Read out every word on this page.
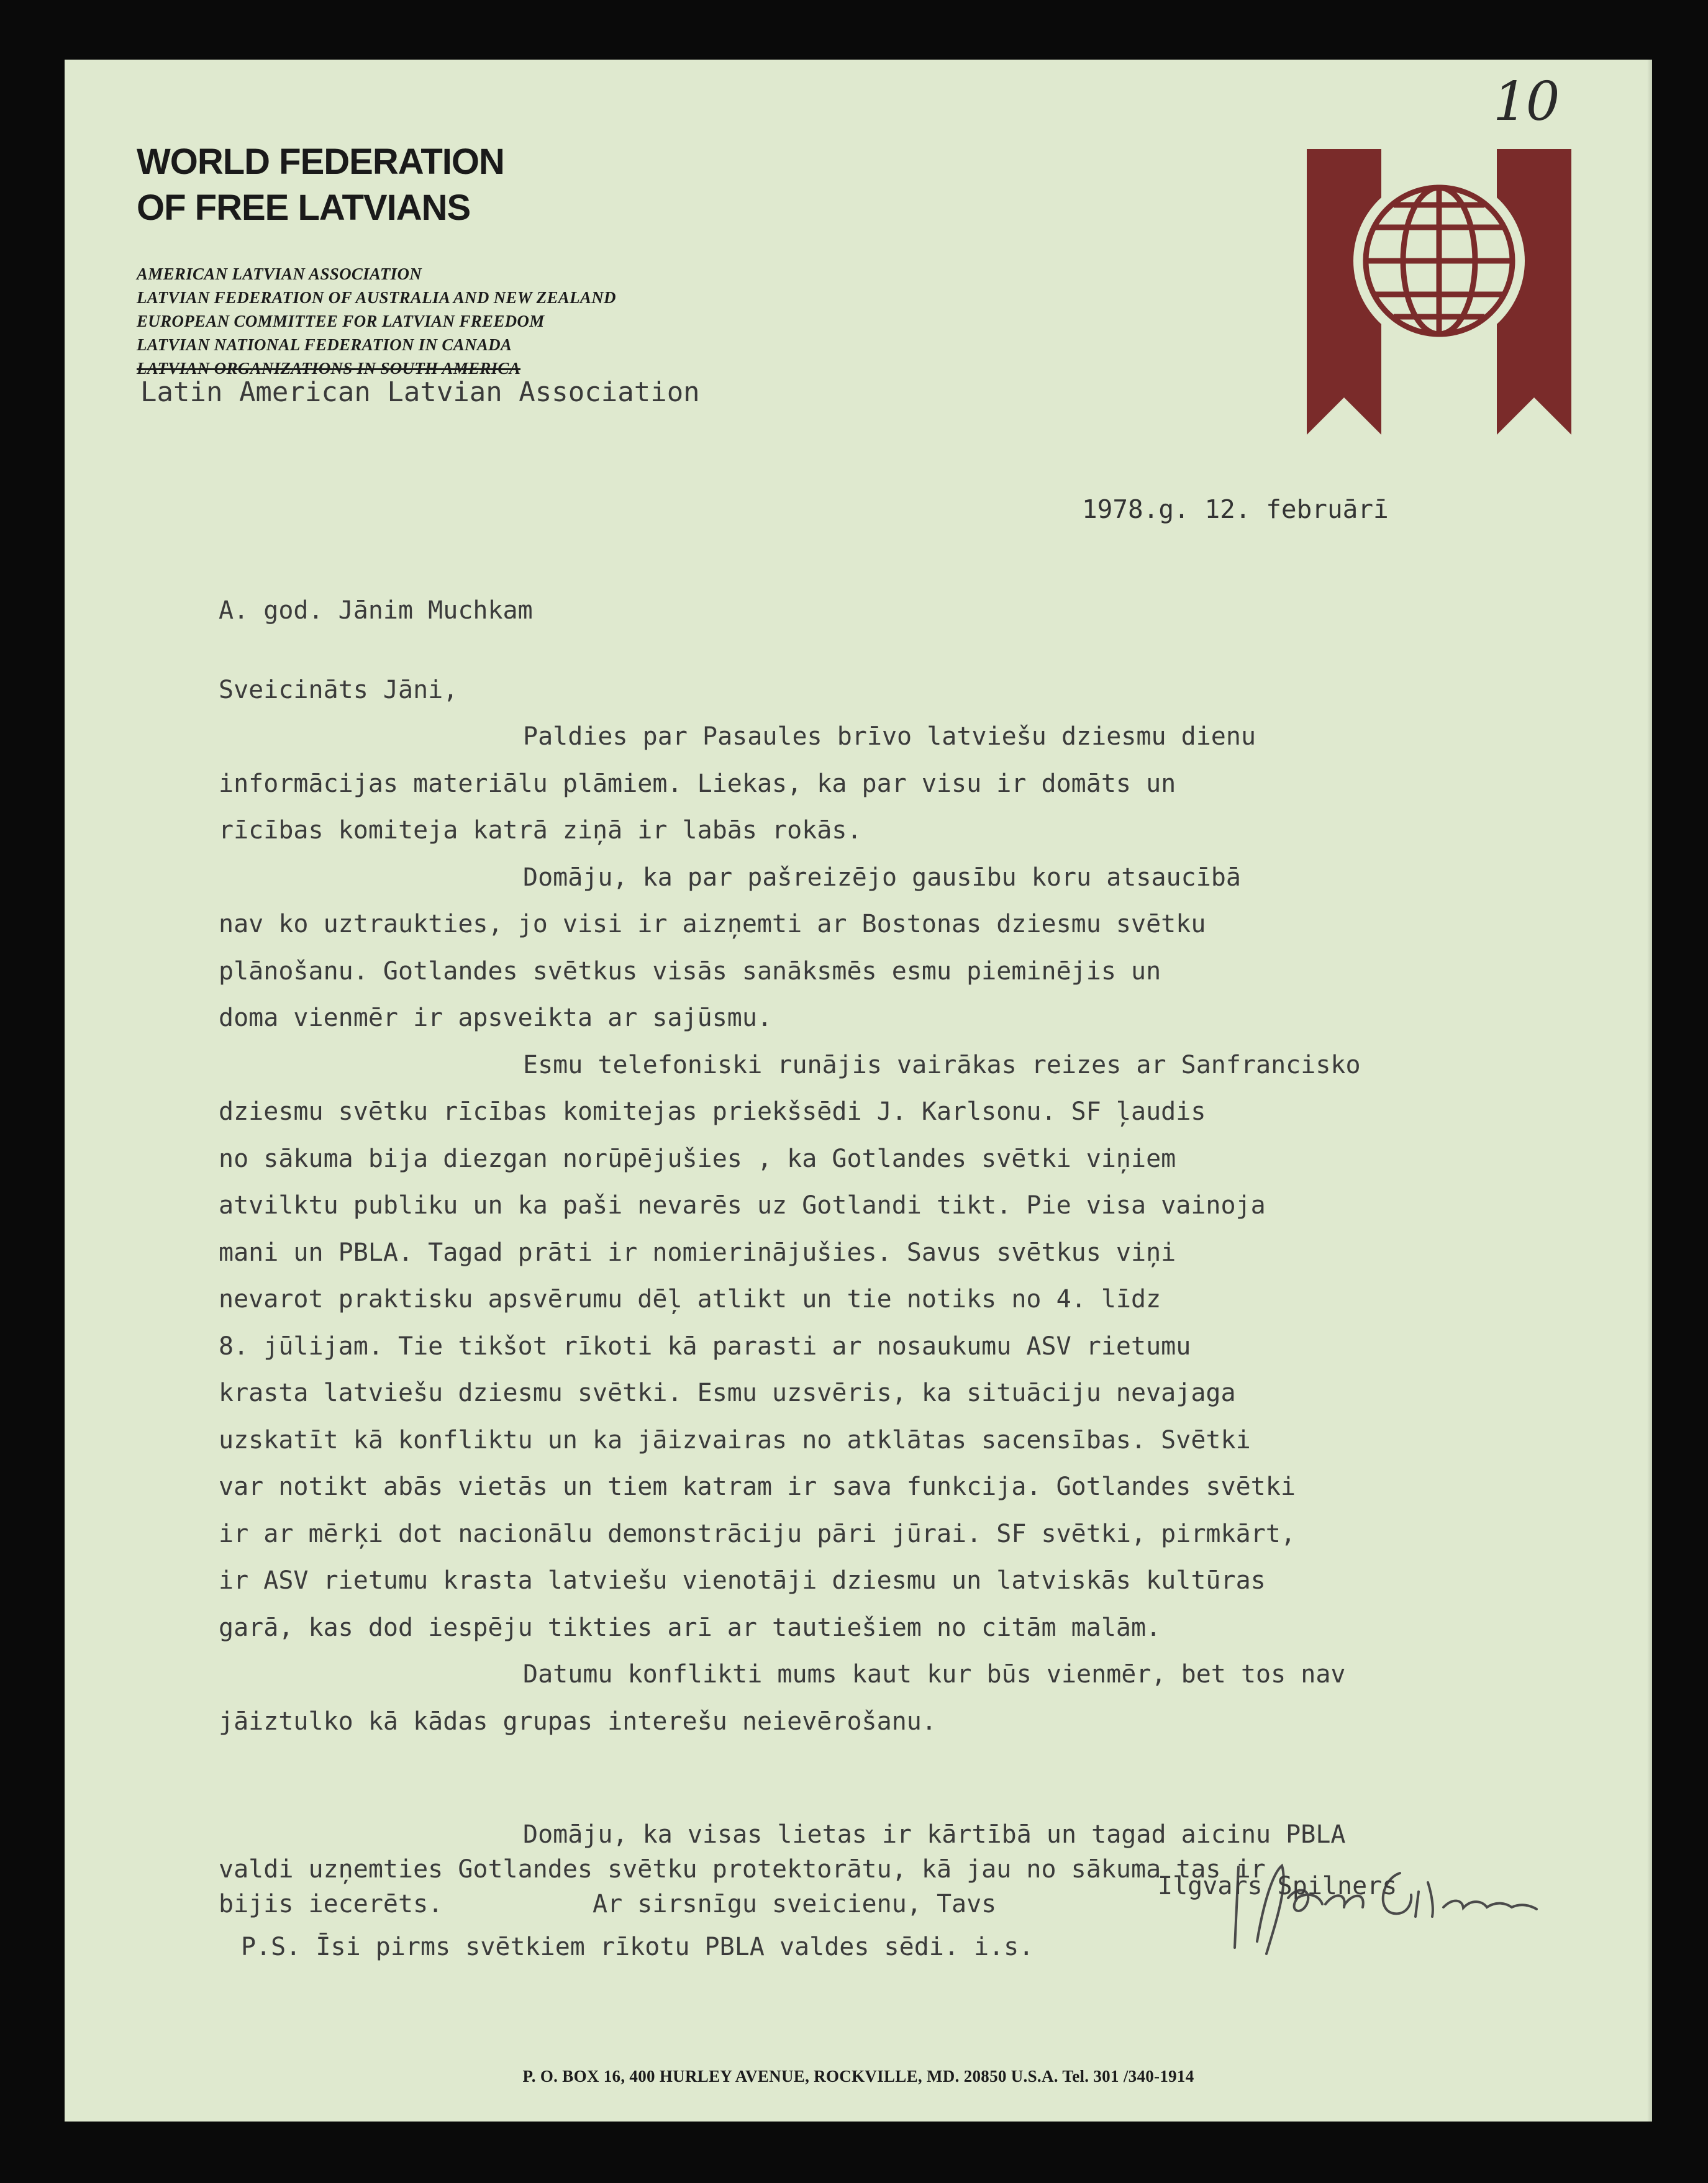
10
WORLD FEDERATION
OF FREE LATVIANS
AMERICAN LATVIAN ASSOCIATION
LATVIAN FEDERATION OF AUSTRALIA AND NEW ZEALAND
EUROPEAN COMMITTEE FOR LATVIAN FREEDOM
LATVIAN NATIONAL FEDERATION IN CANADA
LATVIAN ORGANIZATIONS IN SOUTH AMERICA
Latin American Latvian Association
1978.g. 12. februārī

A. god. Jānim Muchkam

Sveicināts Jāni,

Paldies par Pasaules brīvo latviešu dziesmu dienu

informācijas materiālu plāmiem. Liekas, ka par visu ir domāts un

rīcības komiteja katrā ziņā ir labās rokās.

Domāju, ka par pašreizējo gausību koru atsaucībā

nav ko uztraukties, jo visi ir aizņemti ar Bostonas dziesmu svētku

plānošanu. Gotlandes svētkus visās sanāksmēs esmu pieminējis un

doma vienmēr ir apsveikta ar sajūsmu.

Esmu telefoniski runājis vairākas reizes ar Sanfrancisko

dziesmu svētku rīcības komitejas priekšsēdi J. Karlsonu. SF ļaudis

no sākuma bija diezgan norūpējušies , ka Gotlandes svētki viņiem

atvilktu publiku un ka paši nevarēs uz Gotlandi tikt. Pie visa vainoja

mani un PBLA. Tagad prāti ir nomierinājušies. Savus svētkus viņi

nevarot praktisku apsvērumu dēļ atlikt un tie notiks no 4. līdz

8. jūlijam. Tie tikšot rīkoti kā parasti ar nosaukumu ASV rietumu

krasta latviešu dziesmu svētki. Esmu uzsvēris, ka situāciju nevajaga

uzskatīt kā konfliktu un ka jāizvairas no atklātas sacensības. Svētki

var notikt abās vietās un tiem katram ir sava funkcija. Gotlandes svētki

ir ar mērķi dot nacionālu demonstrāciju pāri jūrai. SF svētki, pirmkārt,

ir ASV rietumu krasta latviešu vienotāji dziesmu un latviskās kultūras

garā, kas dod iespēju tikties arī ar tautiešiem no citām malām.

Datumu konflikti mums kaut kur būs vienmēr, bet tos nav

jāiztulko kā kādas grupas interešu neievērošanu.

Domāju, ka visas lietas ir kārtībā un tagad aicinu PBLA

valdi uzņemties Gotlandes svētku protektorātu, kā jau no sākuma tas ir

bijis iecerēts.          Ar sirsnīgu sveicienu, Tavs

Ilgvars Spilners
P.S. Īsi pirms svētkiem rīkotu PBLA valdes sēdi. i.s.
P. O. BOX 16, 400 HURLEY AVENUE, ROCKVILLE, MD. 20850 U.S.A. Tel. 301 /340-1914
